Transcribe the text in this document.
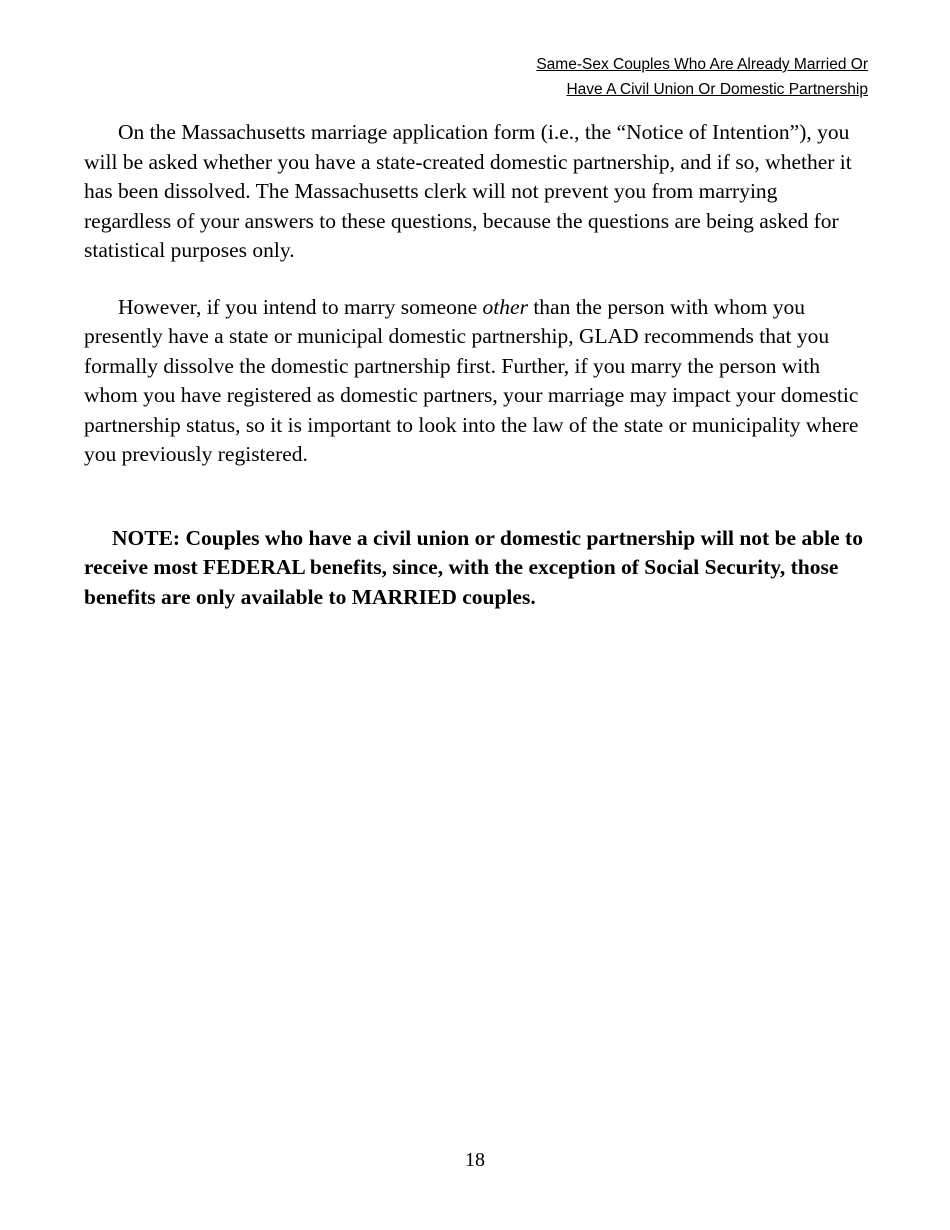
Same-Sex Couples Who Are Already Married Or
Have A Civil Union Or Domestic Partnership

On the Massachusetts marriage application form (i.e., the “Notice of Intention”), you will be asked whether you have a state-created domestic partnership, and if so, whether it has been dissolved. The Massachusetts clerk will not prevent you from marrying regardless of your answers to these questions, because the questions are being asked for statistical purposes only.

However, if you intend to marry someone other than the person with whom you presently have a state or municipal domestic partnership, GLAD recommends that you formally dissolve the domestic partnership first. Further, if you marry the person with whom you have registered as domestic partners, your marriage may impact your domestic partnership status, so it is important to look into the law of the state or municipality where you previously registered.

NOTE: Couples who have a civil union or domestic partnership will not be able to receive most FEDERAL benefits, since, with the exception of Social Security, those benefits are only available to MARRIED couples.

18
